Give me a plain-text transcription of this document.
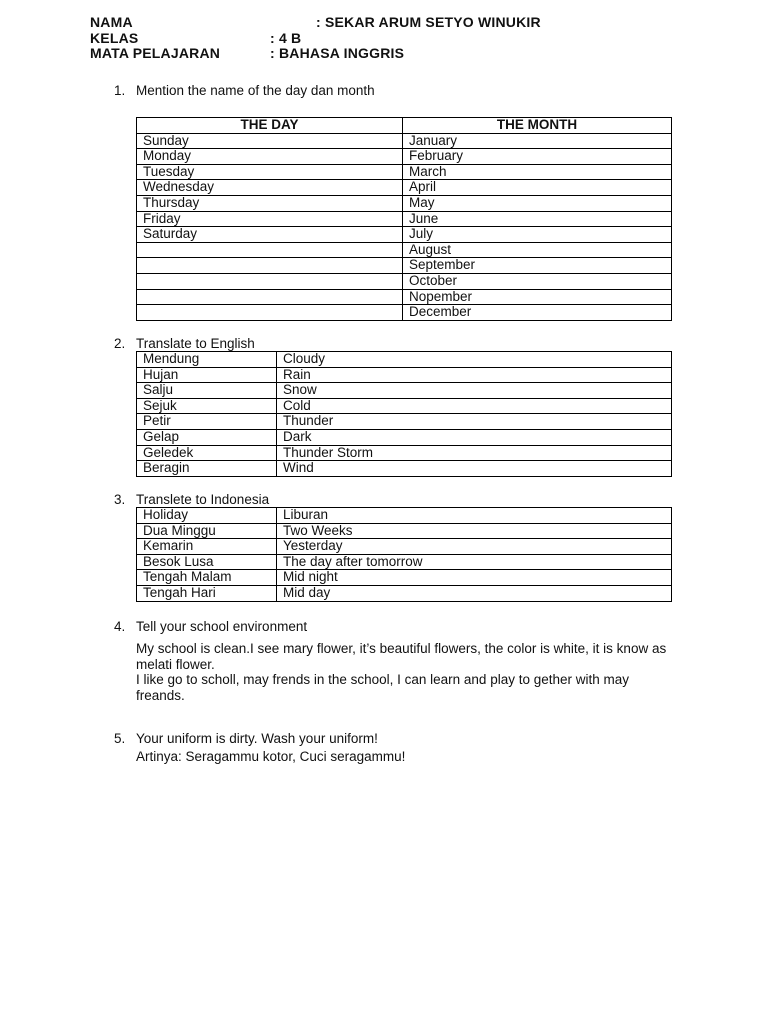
NAMA	: SEKAR ARUM SETYO WINUKIR
KELAS	: 4 B
MATA PELAJARAN	: BAHASA INGGRIS
1. Mention the name of the day dan month
THE DAY	THE MONTH
Sunday	January
Monday	February
Tuesday	March
Wednesday	April
Thursday	May
Friday	June
Saturday	July
	August
	September
	October
	Nopember
	December
2. Translate to English
Mendung	Cloudy
Hujan	Rain
Salju	Snow
Sejuk	Cold
Petir	Thunder
Gelap	Dark
Geledek	Thunder Storm
Beragin	Wind
3. Translete to Indonesia
Holiday	Liburan
Dua Minggu	Two Weeks
Kemarin	Yesterday
Besok Lusa	The day after tomorrow
Tengah Malam	Mid night
Tengah Hari	Mid day
4. Tell your school environment
My school is clean.I see mary flower, it’s beautiful flowers, the color is white, it is know as melati flower.
I like go to scholl, may frends in the school, I can learn and play to gether with may freands.
5. Your uniform is dirty. Wash your uniform!
Artinya: Seragammu kotor, Cuci seragammu!
